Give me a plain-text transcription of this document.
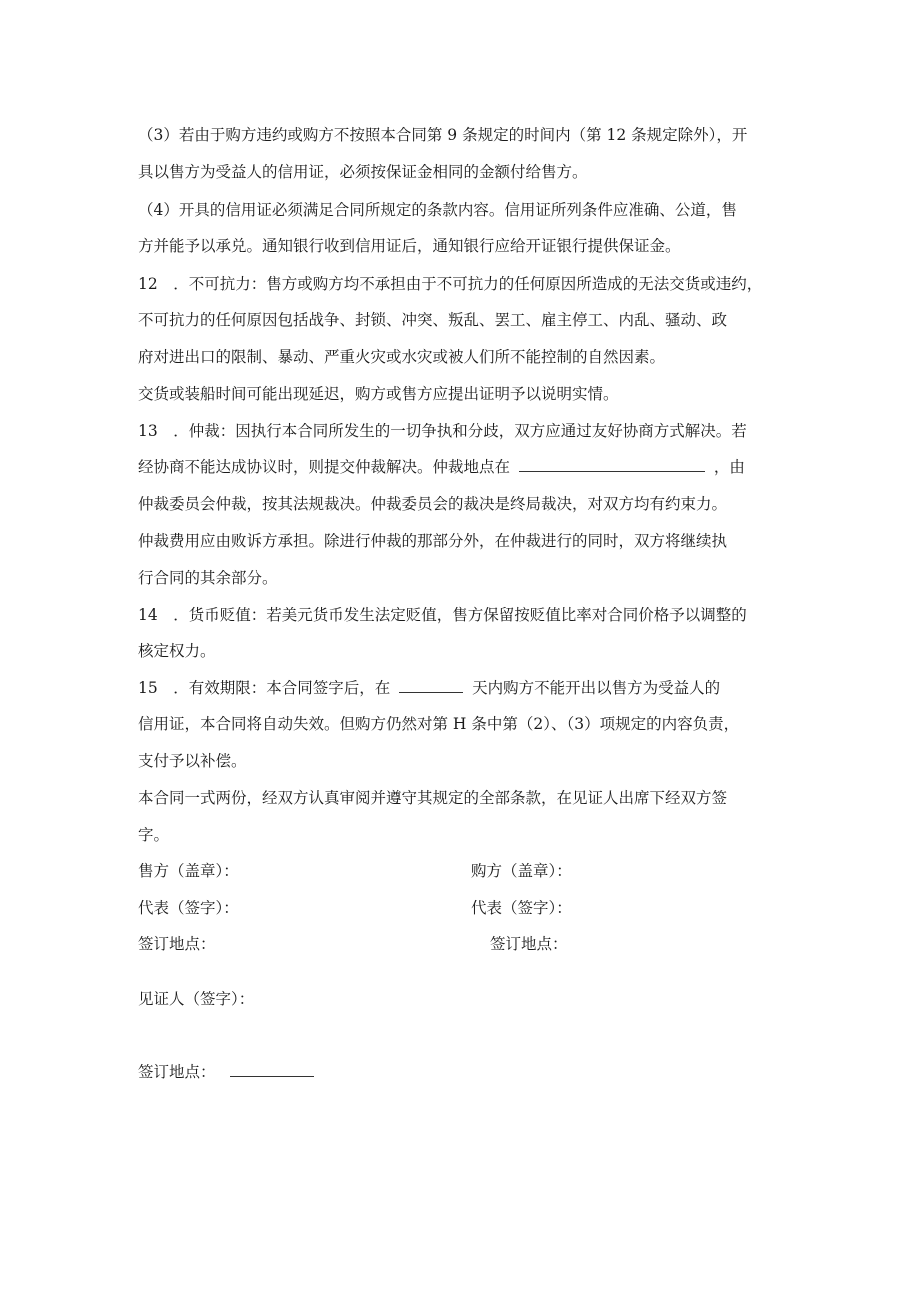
（3）若由于购方违约或购方不按照本合同第 9 条规定的时间内（第 12 条规定除外），开
具以售方为受益人的信用证，必须按保证金相同的金额付给售方。
（4）开具的信用证必须满足合同所规定的条款内容。信用证所列条件应准确、公道，售
方并能予以承兑。通知银行收到信用证后，通知银行应给开证银行提供保证金。
12　．不可抗力：售方或购方均不承担由于不可抗力的任何原因所造成的无法交货或违约，
不可抗力的任何原因包括战争、封锁、冲突、叛乱、罢工、雇主停工、内乱、骚动、政
府对进出口的限制、暴动、严重火灾或水灾或被人们所不能控制的自然因素。
交货或装船时间可能出现延迟，购方或售方应提出证明予以说明实情。
13　．仲裁：因执行本合同所发生的一切争执和分歧，双方应通过友好协商方式解决。若
经协商不能达成协议时，则提交仲裁解决。仲裁地点在	，由
仲裁委员会仲裁，按其法规裁决。仲裁委员会的裁决是终局裁决，对双方均有约束力。
仲裁费用应由败诉方承担。除进行仲裁的那部分外，在仲裁进行的同时，双方将继续执
行合同的其余部分。
14　．货币贬值：若美元货币发生法定贬值，售方保留按贬值比率对合同价格予以调整的
核定权力。
15　．有效期限：本合同签字后，在	天内购方不能开出以售方为受益人的
信用证，本合同将自动失效。但购方仍然对第 H 条中第（2）、（3）项规定的内容负责，
支付予以补偿。
本合同一式两份，经双方认真审阅并遵守其规定的全部条款，在见证人出席下经双方签
字。
售方（盖章）：	购方（盖章）：
代表（签字）：	代表（签字）：
签订地点：	签订地点：
见证人（签字）：
签订地点：
